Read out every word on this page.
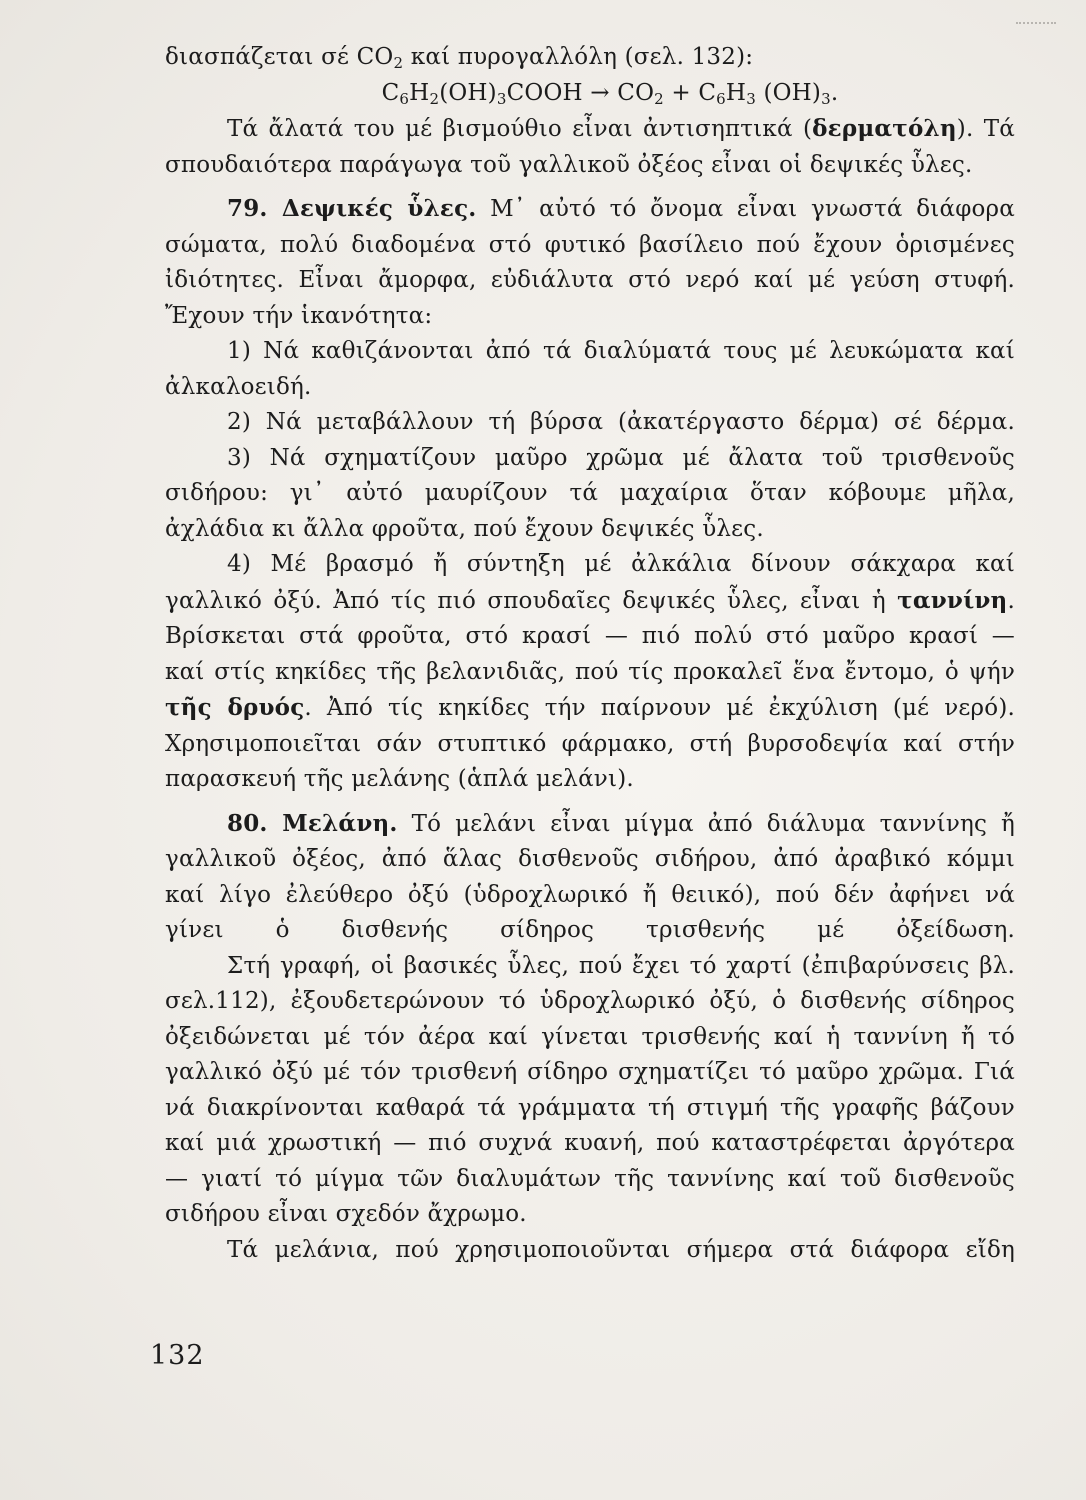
διασπάζεται σέ $CO_2$ καί πυρογαλλόλη (σελ. 132):
$C_6H_2(OH)_3COOH \to CO_2 + C_6H_3$ $(OH)_3$.
Τά ἄλατά του μέ βισμούθιο εἶναι ἀντισηπτικά (δερματόλη). Τά
σπουδαιότερα παράγωγα τοῦ γαλλικοῦ ὀξέος εἶναι οἱ δεψικές ὗλες.
79. Δεψικές ὗλες. Μ᾽ αὐτό τό ὄνομα εἶναι γνωστά διάφορα
σώματα, πολύ διαδομένα στό φυτικό βασίλειο πού ἔχουν ὁρισμένες
ἰδιότητες. Εἶναι ἄμορφα, εὐδιάλυτα στό νερό καί μέ γεύση στυφή.
Ἔχουν τήν ἱκανότητα:
1) Νά καθιζάνονται ἀπό τά διαλύματά τους μέ λευκώματα καί
ἀλκαλοειδή.
2) Νά μεταβάλλουν τή βύρσα (ἀκατέργαστο δέρμα) σέ δέρμα.
3) Νά σχηματίζουν μαῦρο χρῶμα μέ ἄλατα τοῦ τρισθενοῦς
σιδήρου: γι᾽ αὐτό μαυρίζουν τά μαχαίρια ὅταν κόβουμε μῆλα,
ἀχλάδια κι ἄλλα φροῦτα, πού ἔχουν δεψικές ὗλες.
4) Μέ βρασμό ἤ σύντηξη μέ ἀλκάλια δίνουν σάκχαρα καί
γαλλικό ὀξύ. Ἀπό τίς πιό σπουδαῖες δεψικές ὗλες, εἶναι ἡ ταννίνη.
Βρίσκεται στά φροῦτα, στό κρασί — πιό πολύ στό μαῦρο κρασί —
καί στίς κηκίδες τῆς βελανιδιᾶς, πού τίς προκαλεῖ ἕνα ἔντομο, ὁ ψήν
τῆς δρυός. Ἀπό τίς κηκίδες τήν παίρνουν μέ ἐκχύλιση (μέ νερό).
Χρησιμοποιεῖται σάν στυπτικό φάρμακο, στή βυρσοδεψία καί στήν
παρασκευή τῆς μελάνης (ἁπλά μελάνι).
80. Μελάνη. Τό μελάνι εἶναι μίγμα ἀπό διάλυμα ταννίνης ἤ
γαλλικοῦ ὀξέος, ἀπό ἅλας δισθενοῦς σιδήρου, ἀπό ἀραβικό κόμμι
καί λίγο ἐλεύθερο ὀξύ (ὑδροχλωρικό ἤ θειικό), πού δέν ἀφήνει νά
γίνει ὁ δισθενής σίδηρος τρισθενής μέ ὀξείδωση.
Στή γραφή, οἱ βασικές ὗλες, πού ἔχει τό χαρτί (ἐπιβαρύνσεις βλ.
σελ.112), ἐξουδετερώνουν τό ὑδροχλωρικό ὀξύ, ὁ δισθενής σίδηρος
ὀξειδώνεται μέ τόν ἀέρα καί γίνεται τρισθενής καί ἡ ταννίνη ἤ τό
γαλλικό ὀξύ μέ τόν τρισθενή σίδηρο σχηματίζει τό μαῦρο χρῶμα. Γιά
νά διακρίνονται καθαρά τά γράμματα τή στιγμή τῆς γραφῆς βάζουν
καί μιά χρωστική — πιό συχνά κυανή, πού καταστρέφεται ἀργότερα
— γιατί τό μίγμα τῶν διαλυμάτων τῆς ταννίνης καί τοῦ δισθενοῦς
σιδήρου εἶναι σχεδόν ἄχρωμο.
Τά μελάνια, πού χρησιμοποιοῦνται σήμερα στά διάφορα εἴδη
132
